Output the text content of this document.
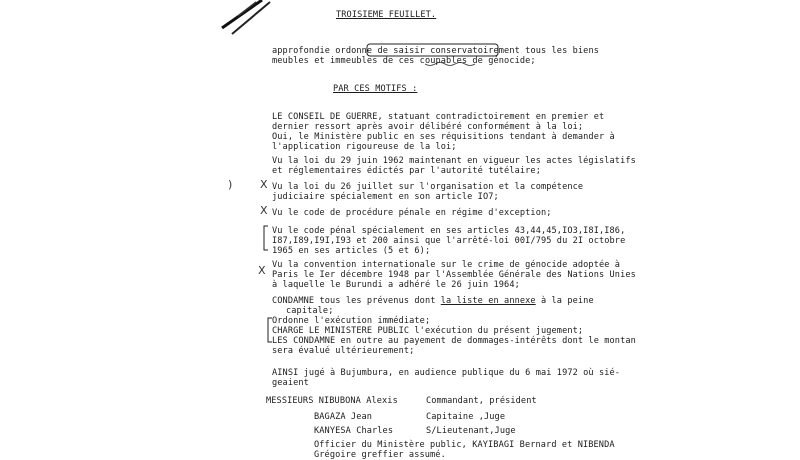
TROISIEME FEUILLET.
approfondie ordonne de saisir conservatoirement tous les biens
meubles et immeubles de ces coupables de génocide;
PAR CES MOTIFS :
LE CONSEIL DE GUERRE, statuant contradictoirement en premier et
dernier ressort après avoir délibéré conformément à la loi;
Oui, le Ministère public en ses réquisitions tendant à demander à
l'application rigoureuse de la loi;
Vu la loi du 29 juin 1962 maintenant en vigueur les actes législatifs
et réglementaires édictés par l'autorité tutélaire;
)	X Vu la loi du 26 juillet sur l'organisation et la compétence
judiciaire spécialement en son article IO7;
X Vu le code de procédure pénale en régime d'exception;
Vu le code pénal spécialement en ses articles 43,44,45,IO3,I8I,I86,
I87,I89,I9I,I93 et 200 ainsi que l'arrêté-loi 00I/795 du 2I octobre
1965 en ses articles (5 et 6);
X Vu la convention internationale sur le crime de génocide adoptée à
Paris le Ier décembre 1948 par l'Assemblée Générale des Nations Unies
à laquelle le Burundi a adhéré le 26 juin 1964;
CONDAMNE tous les prévenus dont la liste en annexe à la peine
capitale;
Ordonne l'exécution immédiate;
CHARGE LE MINISTERE PUBLIC l'exécution du présent jugement;
LES CONDAMNE en outre au payement de dommages-intérêts dont le montan
sera évalué ultérieurement;
AINSI jugé à Bujumbura, en audience publique du 6 mai 1972 où sié-
geaient
MESSIEURS NIBUBONA Alexis	Commandant, président
BAGAZA Jean	Capitaine ,Juge
KANYESA Charles	S/Lieutenant,Juge
Officier du Ministère public, KAYIBAGI Bernard et NIBENDA
Grégoire greffier assumé.
